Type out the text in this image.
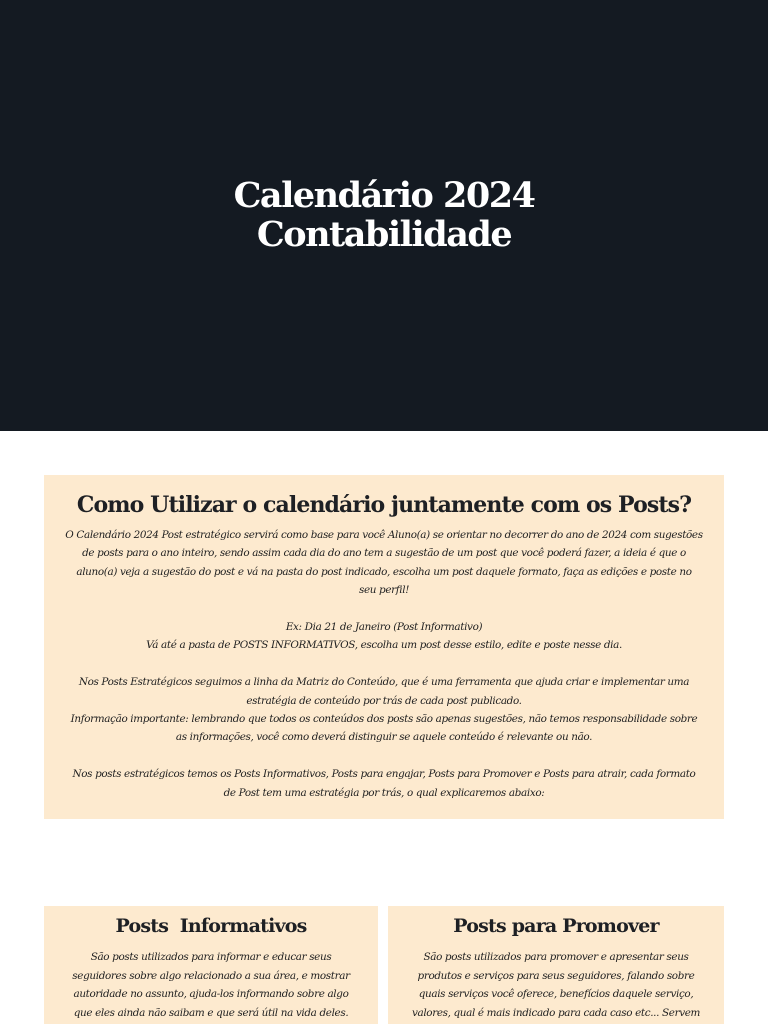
Calendário 2024
Contabilidade
Como Utilizar o calendário juntamente com os Posts?

O Calendário 2024 Post estratégico servirá como base para você Aluno(a) se orientar no decorrer do ano de 2024 com sugestões
de posts para o ano inteiro, sendo assim cada dia do ano tem a sugestão de um post que você poderá fazer, a ideia é que o
aluno(a) veja a sugestão do post e vá na pasta do post indicado, escolha um post daquele formato, faça as edições e poste no
seu perfil!

Ex: Dia 21 de Janeiro (Post Informativo)
Vá até a pasta de POSTS INFORMATIVOS, escolha um post desse estilo, edite e poste nesse dia.

Nos Posts Estratégicos seguimos a linha da Matriz do Conteúdo, que é uma ferramenta que ajuda criar e implementar uma
estratégia de conteúdo por trás de cada post publicado.
Informação importante: lembrando que todos os conteúdos dos posts são apenas sugestões, não temos responsabilidade sobre
as informações, você como deverá distinguir se aquele conteúdo é relevante ou não.

Nos posts estratégicos temos os Posts Informativos, Posts para engajar, Posts para Promover e Posts para atrair, cada formato
de Post tem uma estratégia por trás, o qual explicaremos abaixo:

Posts  Informativos

São posts utilizados para informar e educar seus
seguidores sobre algo relacionado a sua área, e mostrar
autoridade no assunto, ajuda-los informando sobre algo
que eles ainda não saibam e que será útil na vida deles.

Posts para Promover

São posts utilizados para promover e apresentar seus
produtos e serviços para seus seguidores, falando sobre
quais serviços você oferece, benefícios daquele serviço,
valores, qual é mais indicado para cada caso etc... Servem
